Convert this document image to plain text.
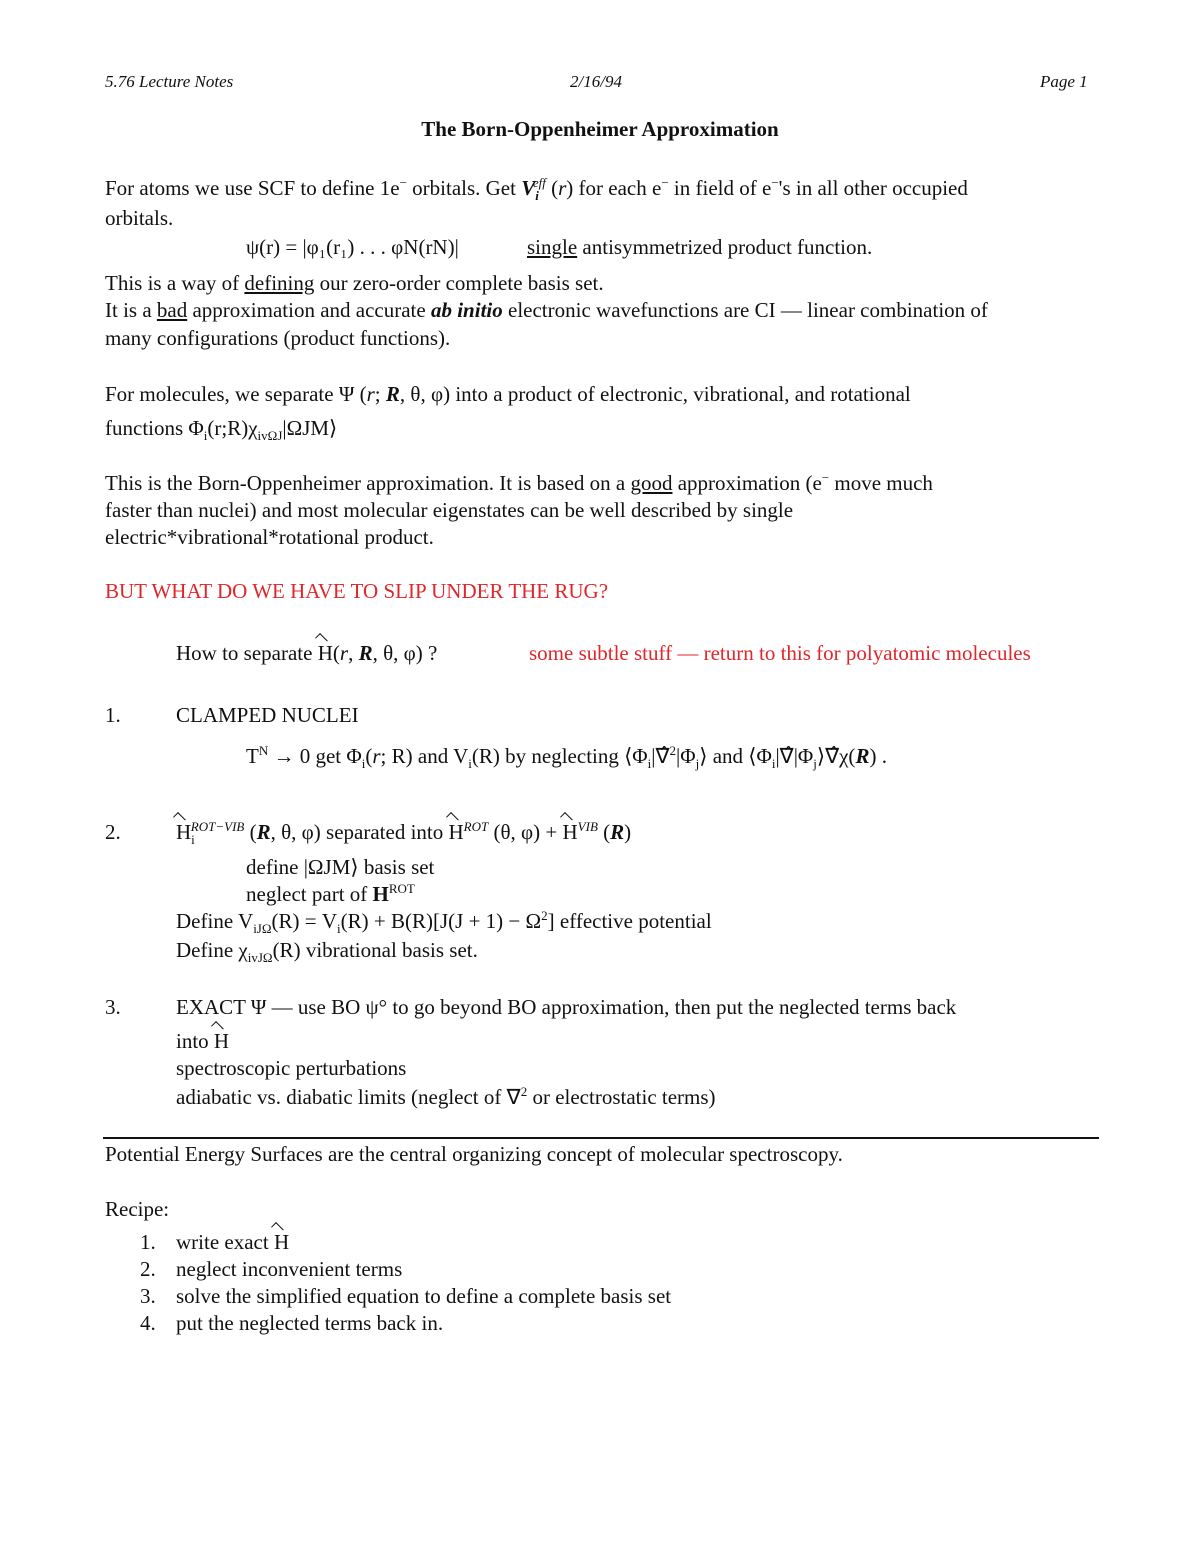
5.76 Lecture Notes	2/16/94	Page 1
The Born-Oppenheimer Approximation
For atoms we use SCF to define 1e− orbitals. Get $V_i^{eff}$ (r) for each e− in field of e−'s in all other occupied
orbitals.
ψ(r) = |φ₁(r₁) . . . φN(rN)|	single antisymmetrized product function.
This is a way of defining our zero-order complete basis set.
It is a bad approximation and accurate ab initio electronic wavefunctions are CI — linear combination of
many configurations (product functions).
For molecules, we separate Ψ (r; R, θ, φ) into a product of electronic, vibrational, and rotational
functions $\Phi_i(r;R)\chi_{iv\Omega J}|\Omega JM⟩$
This is the Born-Oppenheimer approximation. It is based on a good approximation (e− move much
faster than nuclei) and most molecular eigenstates can be well described by single
electric*vibrational*rotational product.
BUT WHAT DO WE HAVE TO SLIP UNDER THE RUG?
How to separate H(r, R, θ, φ) ?	some subtle stuff — return to this for polyatomic molecules
1.	CLAMPED NUCLEI
$T^N \to 0$ get $\Phi_i(r$; R) and $V_i(R)$ by neglecting $⟨\Phi_i|\nablâ^2|\Phi_j⟩$ and $⟨\Phi_i|\nablâ|\Phi_j⟩\nablâ\chi(R)$ .
2.	$H_i^{ROT-VIB}$ (R, θ, φ) separated into $H^{ROT}$ (θ, $\varphi) + H^{VIB}$ (R)
define |ΩJM⟩ basis set
neglect part of $H^{ROT}$
Define $V_{iJ\Omega}(R) = V_i(R) + B(R)[J(J + 1) - \Omega^2]$ effective potential
Define $\chi_{ivJ\Omega}(R)$ vibrational basis set.
3.	EXACT Ψ — use BO ψ° to go beyond BO approximation, then put the neglected terms back
into H
spectroscopic perturbations
adiabatic vs. diabatic limits (neglect of ∇$^2$ or electrostatic terms)
Potential Energy Surfaces are the central organizing concept of molecular spectroscopy.
Recipe:
1. write exact H
2. neglect inconvenient terms
3. solve the simplified equation to define a complete basis set
4. put the neglected terms back in.
